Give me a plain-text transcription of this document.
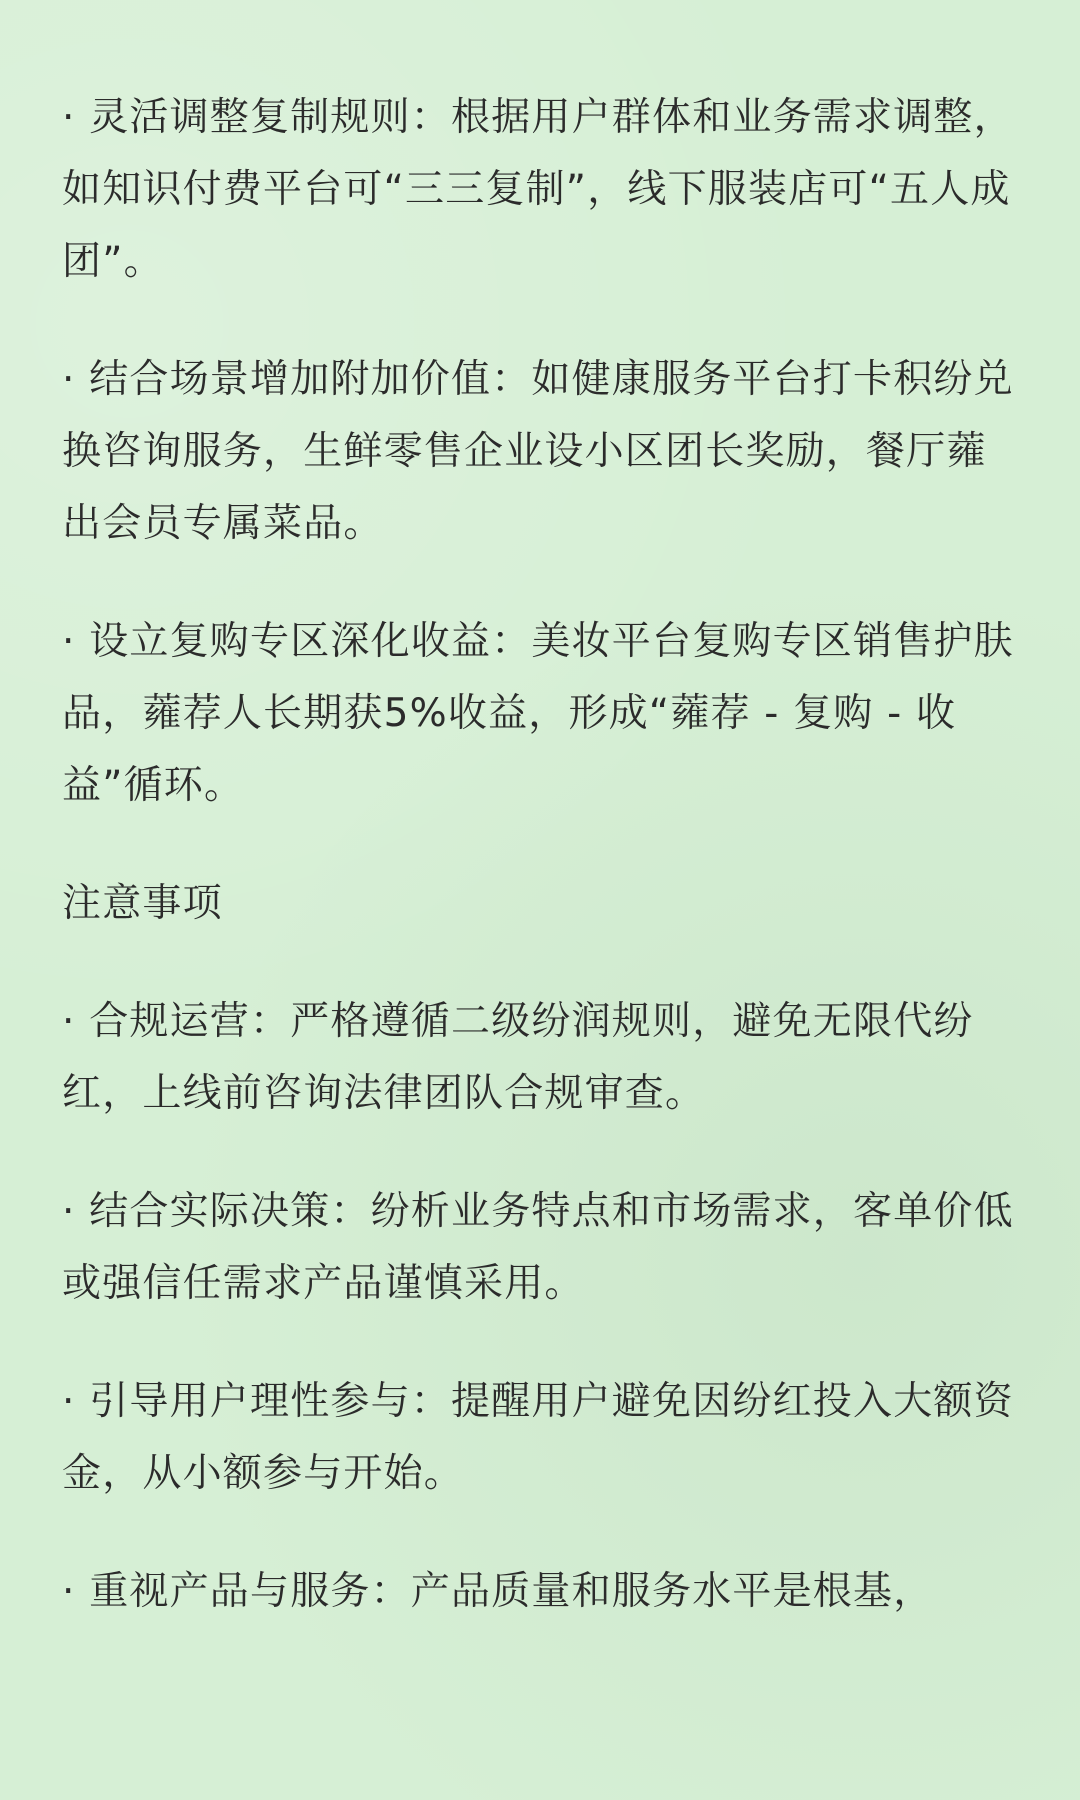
· 灵活调整复制规则：根据用户群体和业务需求调整，如知识付费平台可“三三复制”，线下服装店可“五人成团”。

· 结合场景增加附加价值：如健康服务平台打卡积纷兑换咨询服务，生鲜零售企业设小区团长奖励，餐厅蕹出会员专属菜品。

· 设立复购专区深化收益：美妆平台复购专区销售护肤品，蕹荐人长期获5%收益，形成“蕹荐 - 复购 - 收益”循环。

注意事项

· 合规运营：严格遵循二级纷润规则，避免无限代纷红，上线前咨询法律团队合规审查。

· 结合实际决策：纷析业务特点和市场需求，客单价低或强信任需求产品谨慎采用。

· 引导用户理性参与：提醒用户避免因纷红投入大额资金，从小额参与开始。

· 重视产品与服务：产品质量和服务水平是根基，
